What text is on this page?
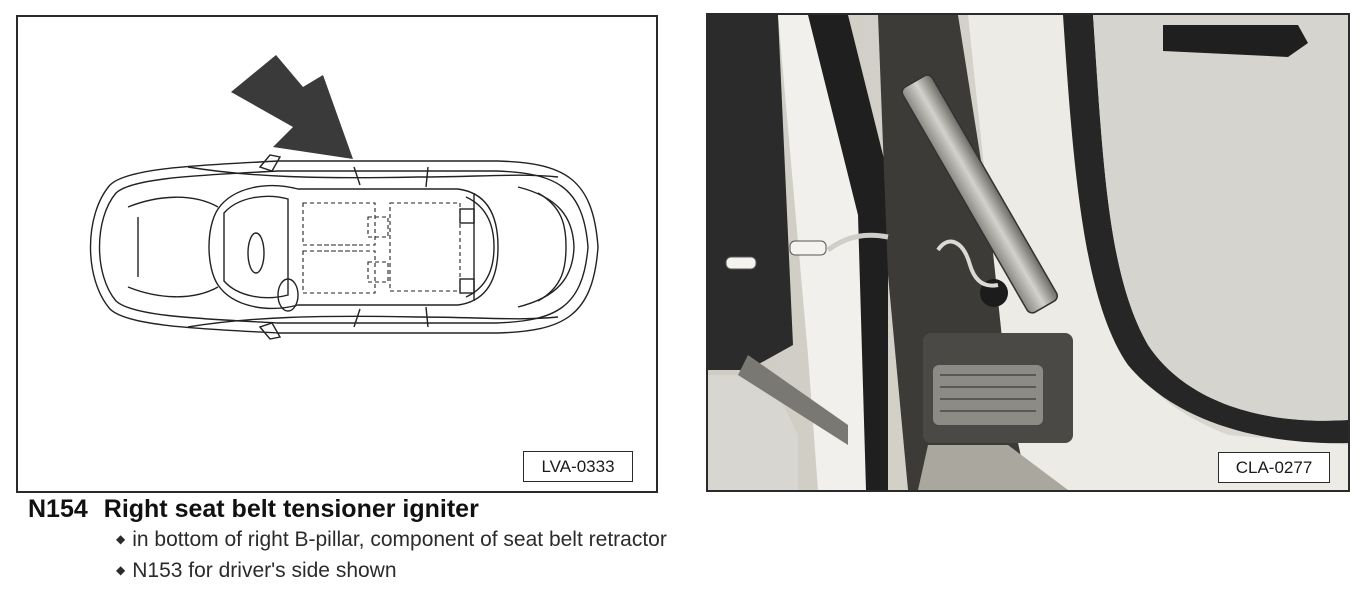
LVA-0333	CLA-0277
N154 Right seat belt tensioner igniter
◆ in bottom of right B-pillar, component of seat belt retractor
◆ N153 for driver's side shown
